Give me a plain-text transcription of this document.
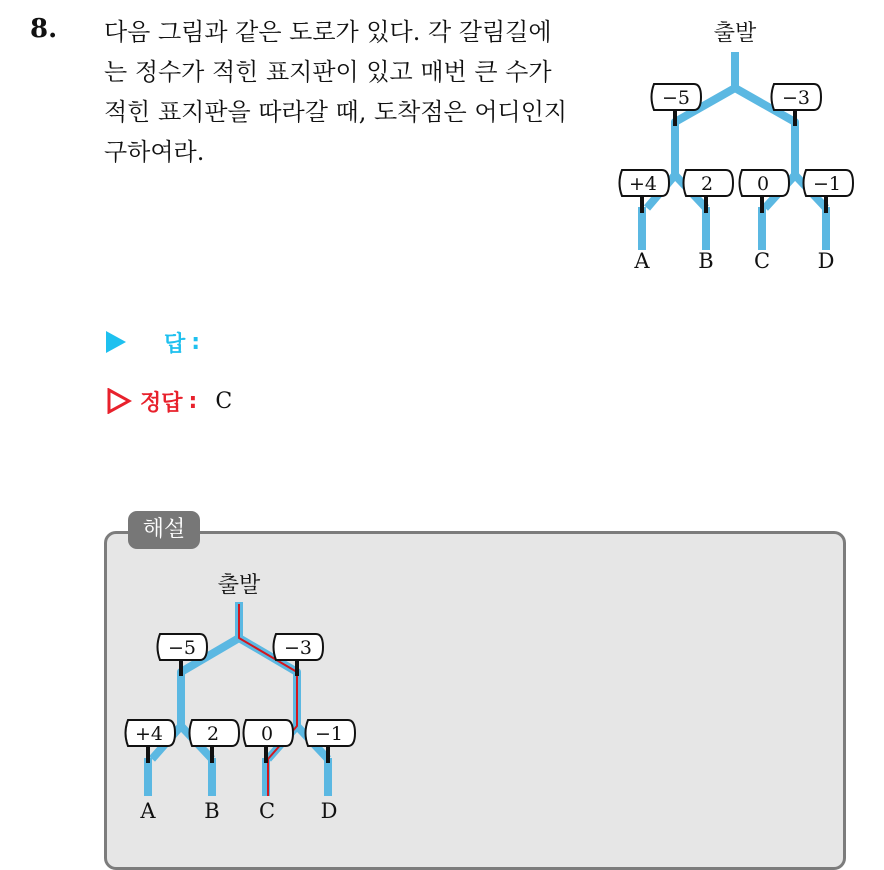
8. 다음 그림과 같은 도로가 있다. 각 갈림길에
는 정수가 적힌 표지판이 있고 매번 큰 수가
적힌 표지판을 따라갈 때, 도착점은 어디인지
구하여라.
출발
−5	−3
+4 2 0 −1
A B C D
답 :
정답 : C
해설
출발
−5	−3
+4 2 0 −1
A B C D
